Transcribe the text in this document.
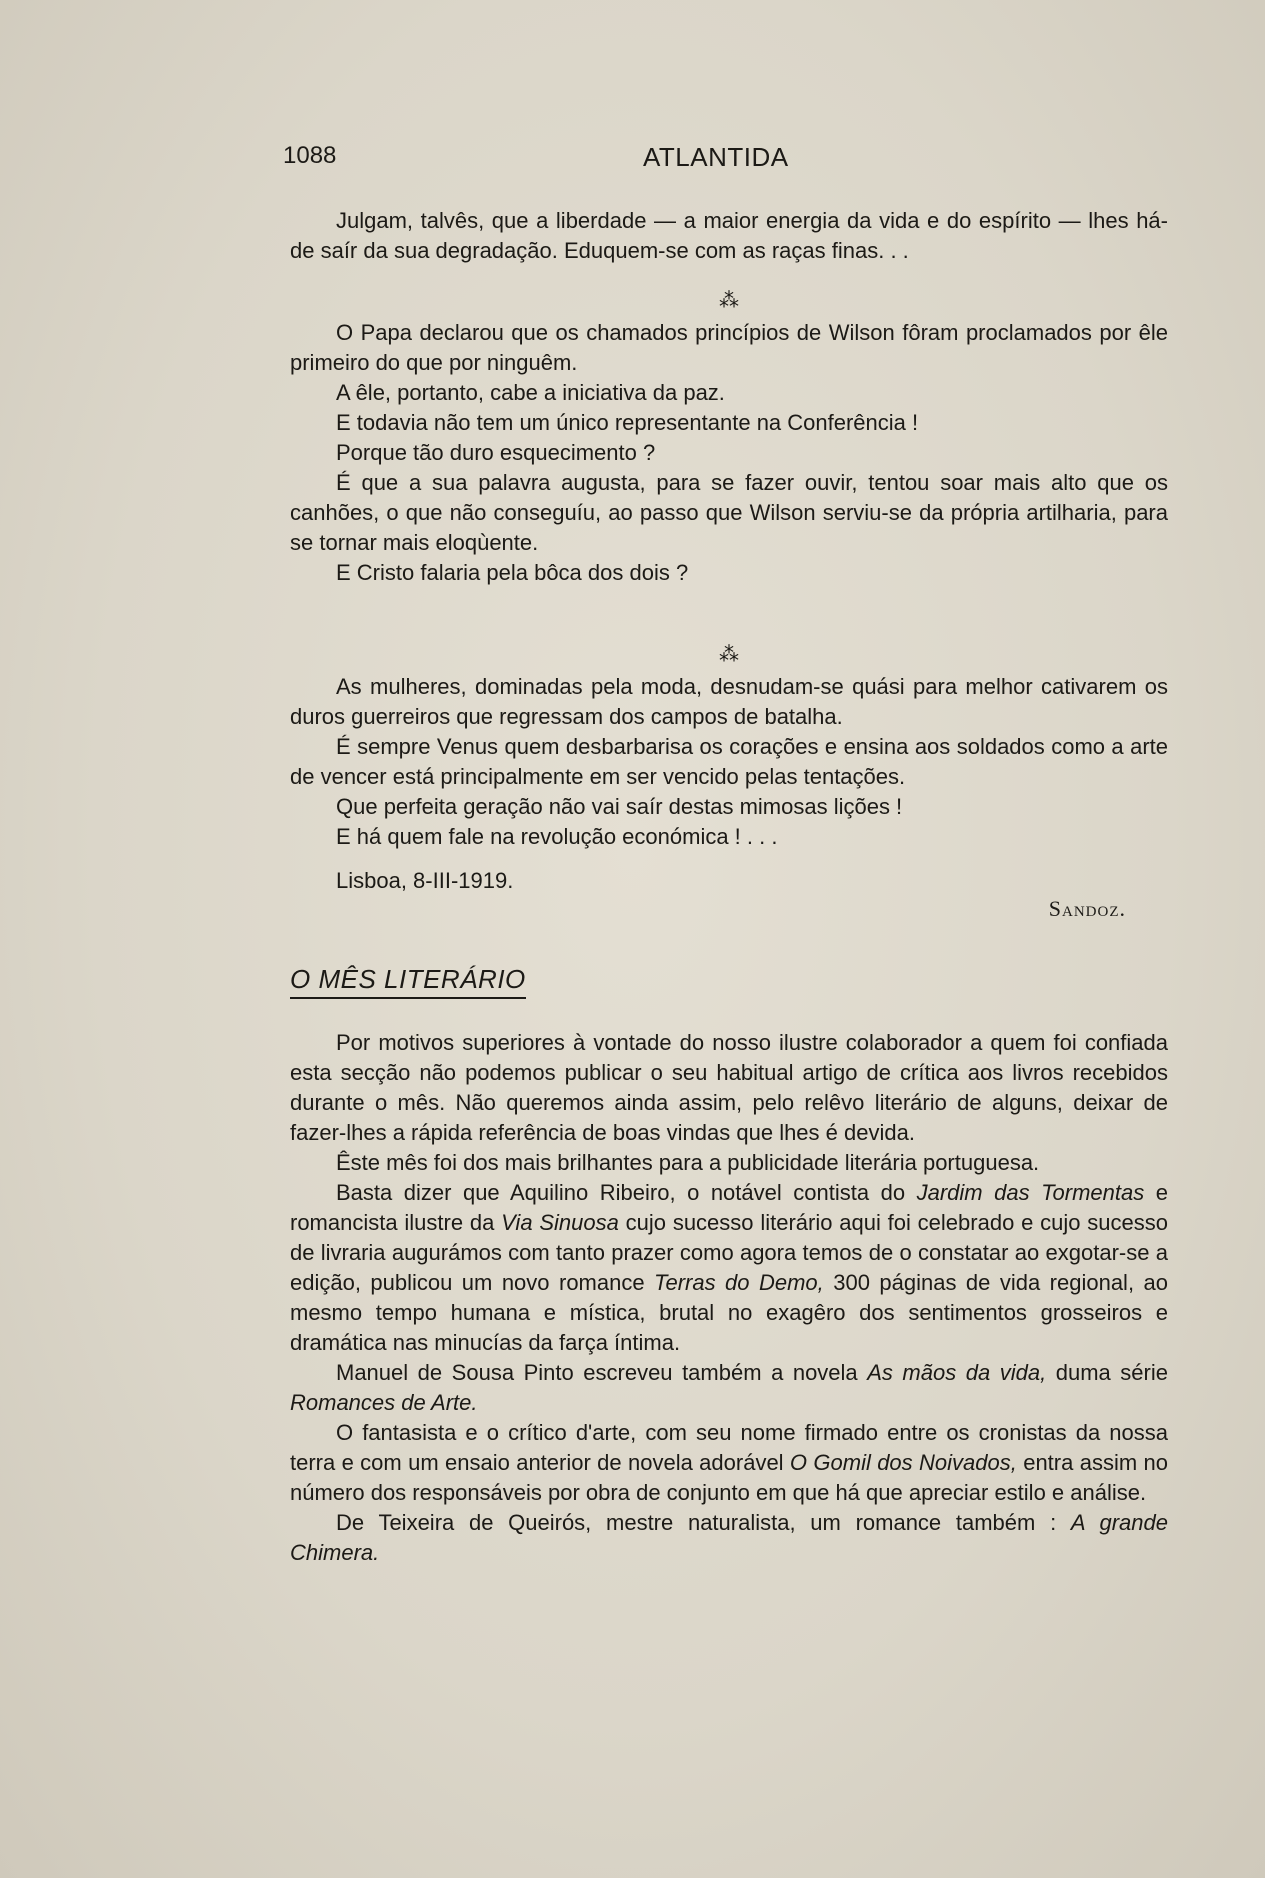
1088	ATLANTIDA

Julgam, talvês, que a liberdade — a maior energia da vida e do espírito — lhes há-de saír da sua degradação. Eduquem-se com as raças finas. . .

⁂

O Papa declarou que os chamados princípios de Wilson fôram proclamados por êle primeiro do que por ninguêm.

A êle, portanto, cabe a iniciativa da paz.

E todavia não tem um único representante na Conferência !

Porque tão duro esquecimento ?

É que a sua palavra augusta, para se fazer ouvir, tentou soar mais alto que os canhões, o que não conseguíu, ao passo que Wilson serviu-se da própria artilharia, para se tornar mais eloqùente.

E Cristo falaria pela bôca dos dois ?

⁂

As mulheres, dominadas pela moda, desnudam-se quási para melhor cativarem os duros guerreiros que regressam dos campos de batalha.

É sempre Venus quem desbarbarisa os corações e ensina aos soldados como a arte de vencer está principalmente em ser vencido pelas tentações.

Que perfeita geração não vai saír destas mimosas lições !

E há quem fale na revolução económica ! . . .

Lisboa, 8-III-1919.

Sandoz.
O MÊS LITERÁRIO

Por motivos superiores à vontade do nosso ilustre colaborador a quem foi confiada esta secção não podemos publicar o seu habitual artigo de crítica aos livros recebidos durante o mês. Não queremos ainda assim, pelo relêvo literário de alguns, deixar de fazer-lhes a rápida referência de boas vindas que lhes é devida.

Êste mês foi dos mais brilhantes para a publicidade literária portuguesa.

Basta dizer que Aquilino Ribeiro, o notável contista do Jardim das Tormentas e romancista ilustre da Via Sinuosa cujo sucesso literário aqui foi celebrado e cujo sucesso de livraria augurámos com tanto prazer como agora temos de o constatar ao exgotar-se a edição, publicou um novo romance Terras do Demo, 300 páginas de vida regional, ao mesmo tempo humana e mística, brutal no exagêro dos sentimentos grosseiros e dramática nas minucías da farça íntima.

Manuel de Sousa Pinto escreveu também a novela As mãos da vida, duma série Romances de Arte.

O fantasista e o crítico d'arte, com seu nome firmado entre os cronistas da nossa terra e com um ensaio anterior de novela adorável O Gomil dos Noivados, entra assim no número dos responsáveis por obra de conjunto em que há que apreciar estilo e análise.

De Teixeira de Queirós, mestre naturalista, um romance também : A grande Chimera.
